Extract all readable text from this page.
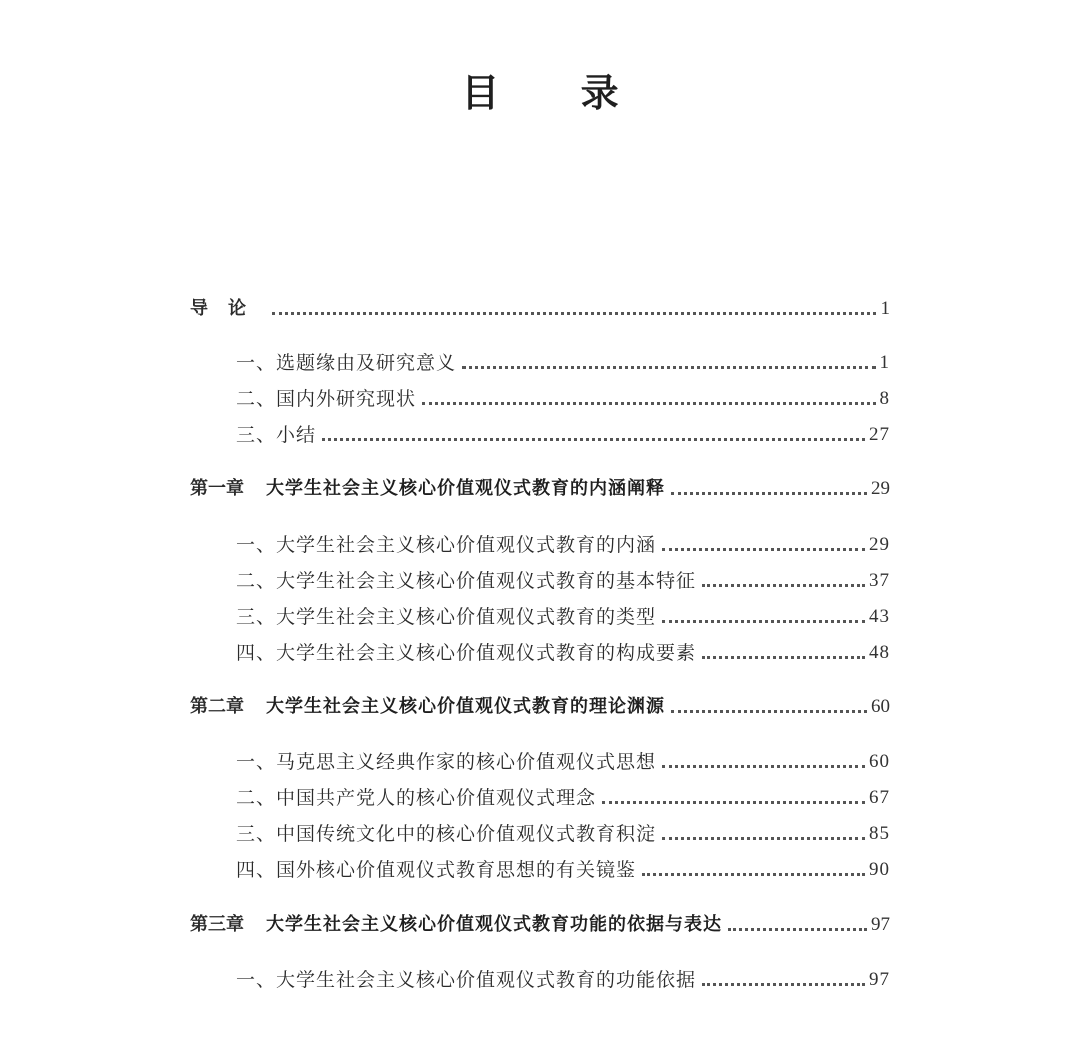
目 录
导论	1
一、选题缘由及研究意义	1
二、国内外研究现状	8
三、小结	27
第一章 大学生社会主义核心价值观仪式教育的内涵阐释	29
一、大学生社会主义核心价值观仪式教育的内涵	29
二、大学生社会主义核心价值观仪式教育的基本特征	37
三、大学生社会主义核心价值观仪式教育的类型	43
四、大学生社会主义核心价值观仪式教育的构成要素	48
第二章 大学生社会主义核心价值观仪式教育的理论渊源	60
一、马克思主义经典作家的核心价值观仪式思想	60
二、中国共产党人的核心价值观仪式理念	67
三、中国传统文化中的核心价值观仪式教育积淀	85
四、国外核心价值观仪式教育思想的有关镜鉴	90
第三章 大学生社会主义核心价值观仪式教育功能的依据与表达	97
一、大学生社会主义核心价值观仪式教育的功能依据	97
